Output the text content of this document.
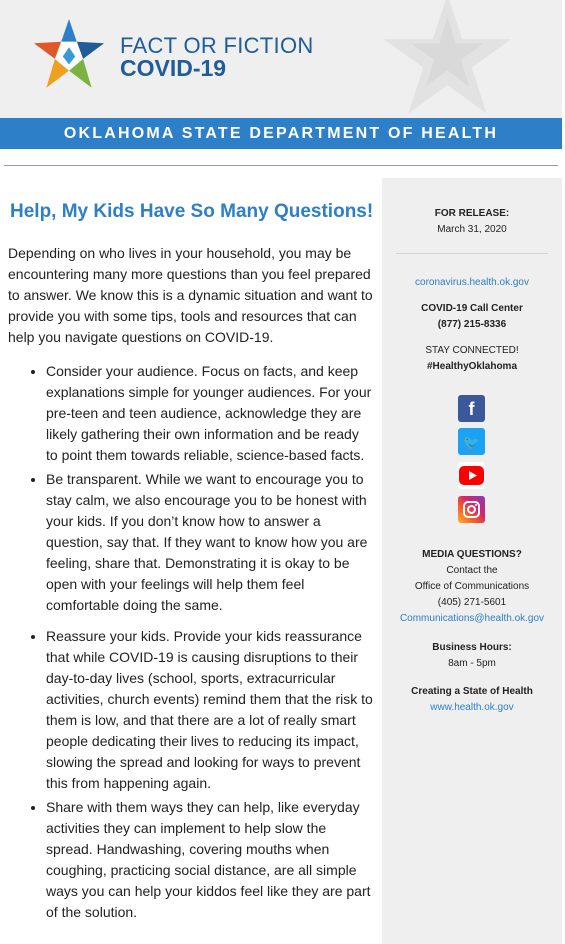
FACT OR FICTION
COVID-19
OKLAHOMA STATE DEPARTMENT OF HEALTH
Help, My Kids Have So Many Questions!

Depending on who lives in your household, you may be encountering many more questions than you feel prepared to answer. We know this is a dynamic situation and want to provide you with some tips, tools and resources that can help you navigate questions on COVID-19.

• Consider your audience. Focus on facts, and keep explanations simple for younger audiences. For your pre-teen and teen audience, acknowledge they are likely gathering their own information and be ready to point them towards reliable, science-based facts.
• Be transparent. While we want to encourage you to stay calm, we also encourage you to be honest with your kids. If you don’t know how to answer a question, say that. If they want to know how you are feeling, share that. Demonstrating it is okay to be open with your feelings will help them feel comfortable doing the same.
• Reassure your kids. Provide your kids reassurance that while COVID-19 is causing disruptions to their day-to-day lives (school, sports, extracurricular activities, church events) remind them that the risk to them is low, and that there are a lot of really smart people dedicating their lives to reducing its impact, slowing the spread and looking for ways to prevent this from happening again.
• Share with them ways they can help, like everyday activities they can implement to help slow the spread. Handwashing, covering mouths when coughing, practicing social distance, are all simple ways you can help your kiddos feel like they are part of the solution.
FOR RELEASE:
March 31, 2020
coronavirus.health.ok.gov
COVID-19 Call Center
(877) 215-8336
STAY CONNECTED!
#HealthyOklahoma
f
🐦
MEDIA QUESTIONS?
Contact the
Office of Communications
(405) 271-5601
Communications@health.ok.gov
Business Hours:
8am - 5pm
Creating a State of Health
www.health.ok.gov
